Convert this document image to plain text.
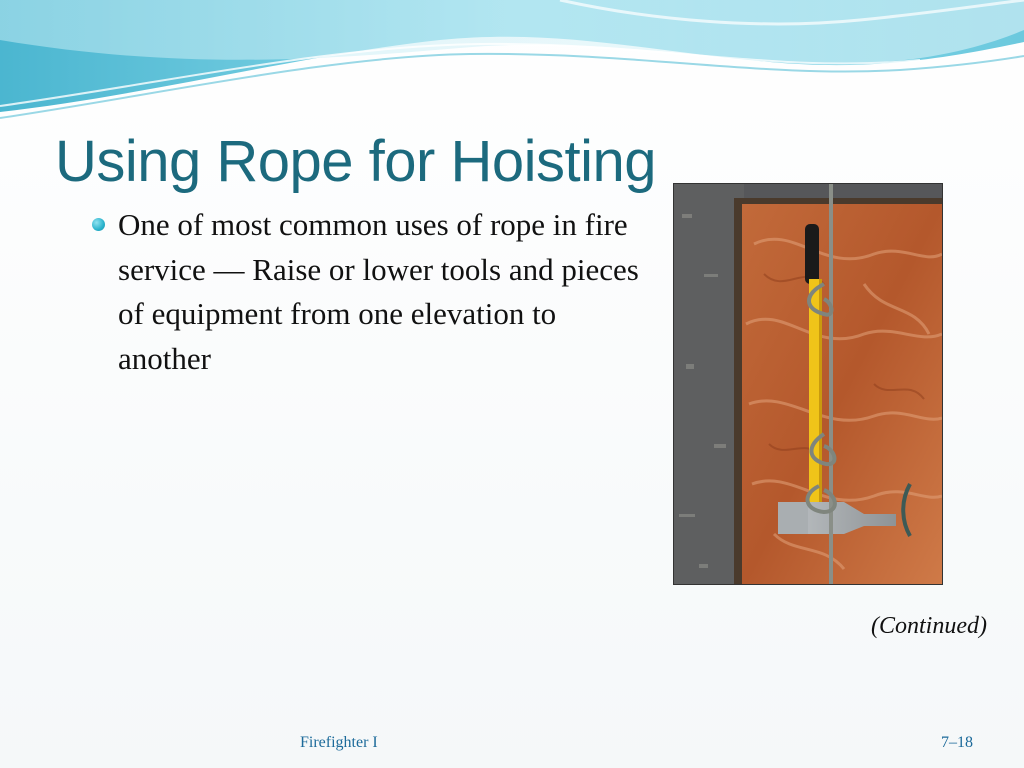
Using Rope for Hoisting
One of most common uses of rope in fire service — Raise or lower tools and pieces of equipment from one elevation to another
(Continued)
Firefighter I	7–18
